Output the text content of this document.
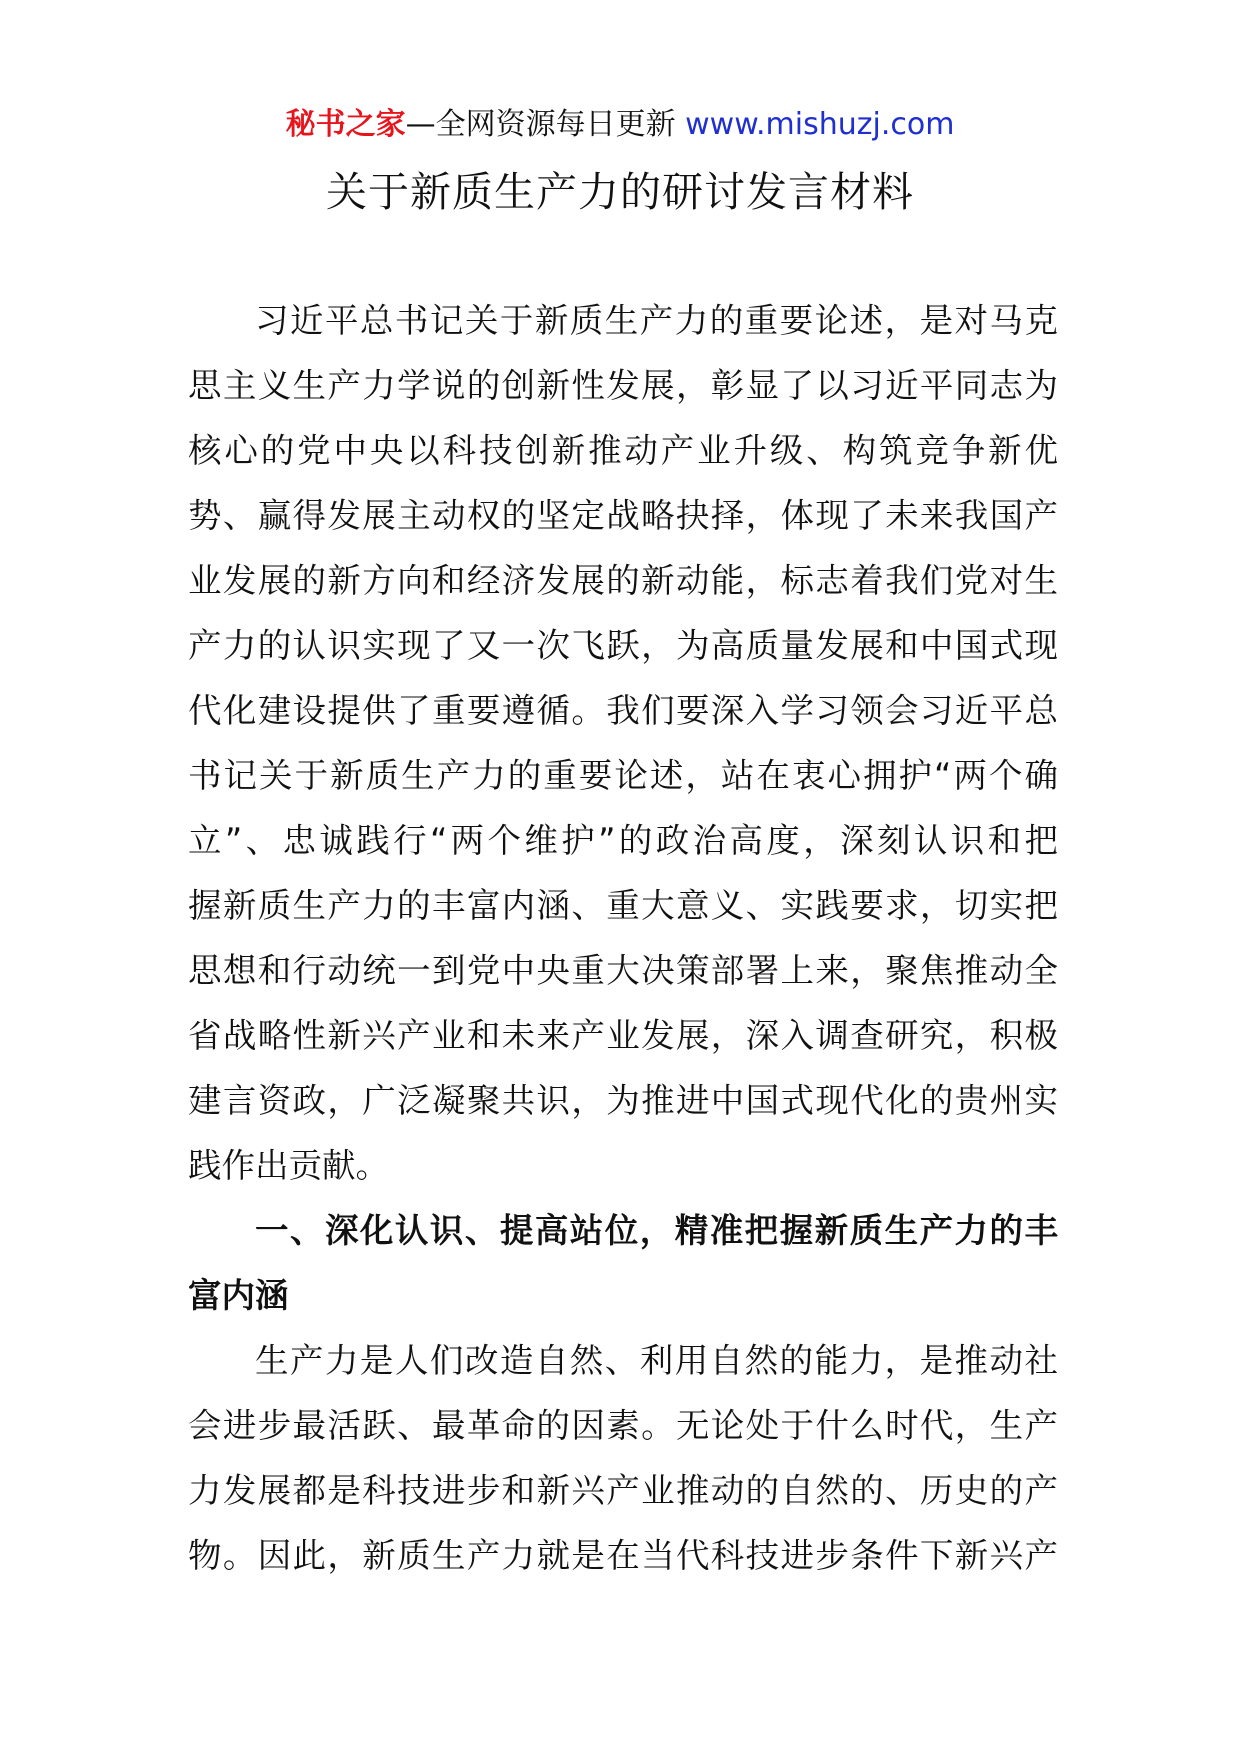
秘书之家—全网资源每日更新 www.mishuzj.com
关于新质生产力的研讨发言材料
习近平总书记关于新质生产力的重要论述，是对马克
思主义生产力学说的创新性发展，彰显了以习近平同志为
核心的党中央以科技创新推动产业升级、构筑竞争新优
势、赢得发展主动权的坚定战略抉择，体现了未来我国产
业发展的新方向和经济发展的新动能，标志着我们党对生
产力的认识实现了又一次飞跃，为高质量发展和中国式现
代化建设提供了重要遵循。我们要深入学习领会习近平总
书记关于新质生产力的重要论述，站在衷心拥护“两个确
立”、忠诚践行“两个维护”的政治高度，深刻认识和把
握新质生产力的丰富内涵、重大意义、实践要求，切实把
思想和行动统一到党中央重大决策部署上来，聚焦推动全
省战略性新兴产业和未来产业发展，深入调查研究，积极
建言资政，广泛凝聚共识，为推进中国式现代化的贵州实
践作出贡献。
一、深化认识、提高站位，精准把握新质生产力的丰
富内涵
生产力是人们改造自然、利用自然的能力，是推动社
会进步最活跃、最革命的因素。无论处于什么时代，生产
力发展都是科技进步和新兴产业推动的自然的、历史的产
物。因此，新质生产力就是在当代科技进步条件下新兴产
